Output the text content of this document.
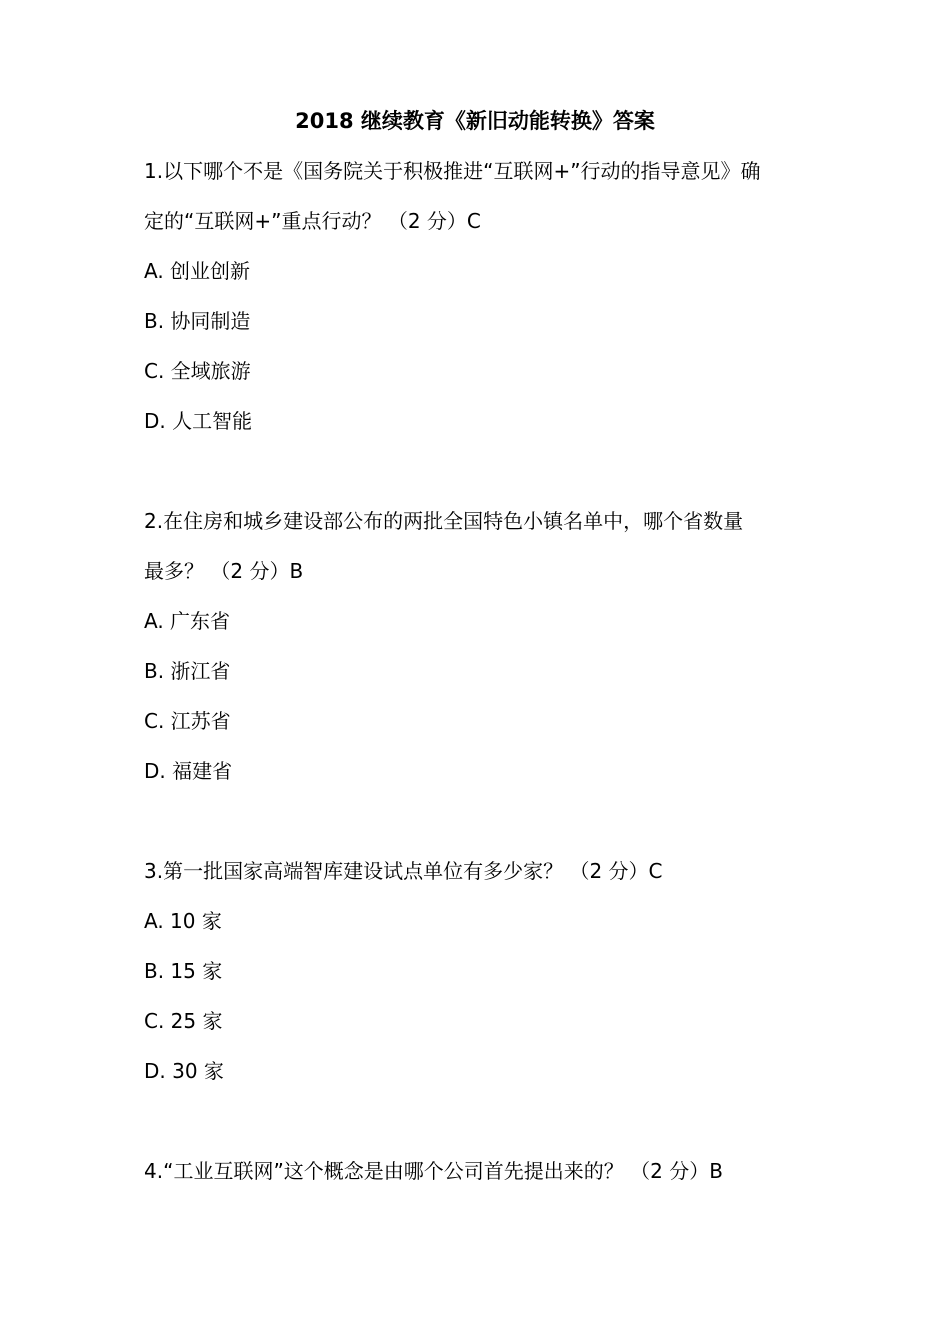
2018 继续教育《新旧动能转换》答案

1.以下哪个不是《国务院关于积极推进“互联网+”行动的指导意见》确

定的“互联网+”重点行动？ （2 分）C

A. 创业创新

B. 协同制造

C. 全域旅游

D. 人工智能

2.在住房和城乡建设部公布的两批全国特色小镇名单中，哪个省数量

最多？ （2 分）B

A. 广东省

B. 浙江省

C. 江苏省

D. 福建省

3.第一批国家高端智库建设试点单位有多少家？ （2 分）C

A. 10 家

B. 15 家

C. 25 家

D. 30 家

4.“工业互联网”这个概念是由哪个公司首先提出来的？ （2 分）B
